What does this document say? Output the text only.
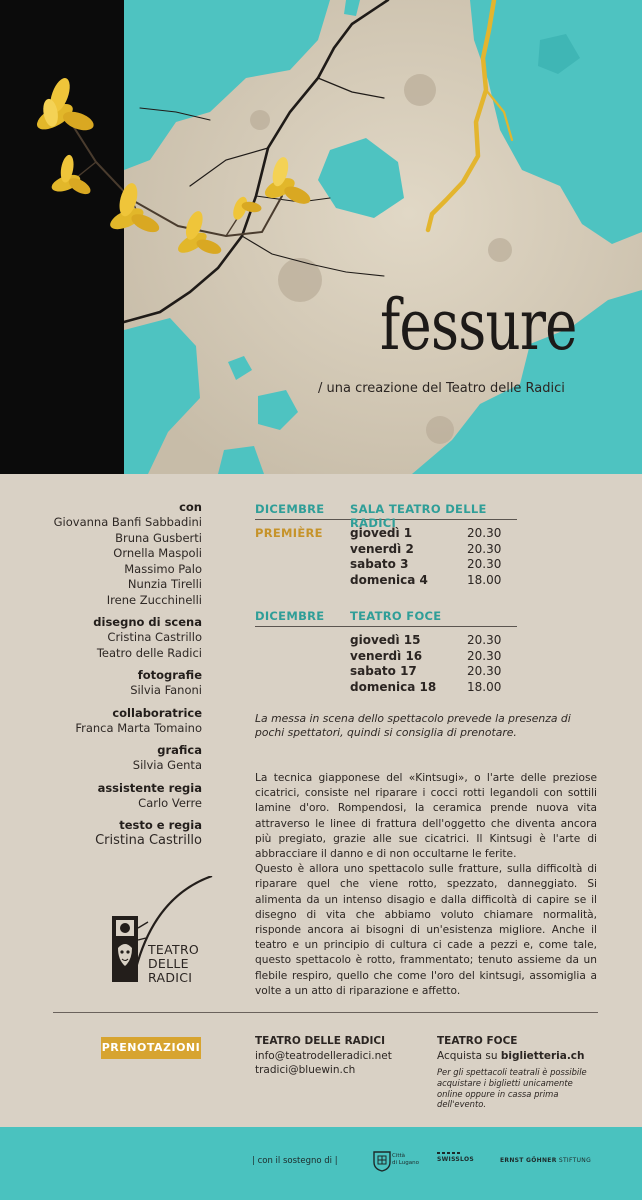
fessure
/ una creazione del Teatro delle Radici
con
Giovanna Banfi Sabbadini
Bruna Gusberti
Ornella Maspoli
Massimo Palo
Nunzia Tirelli
Irene Zucchinelli
disegno di scena
Cristina Castrillo
Teatro delle Radici
fotografie
Silvia Fanoni
collaboratrice
Franca Marta Tomaino
grafica
Silvia Genta
assistente regia
Carlo Verre
testo e regia
Cristina Castrillo
TEATRO
DELLE
RADICI
DICEMBRE SALA TEATRO DELLE RADICI
PREMIÈRE giovedì 1	20.30
venerdì 2	20.30
sabato 3	20.30
domenica 4	18.00
DICEMBRE TEATRO FOCE
giovedì 15	20.30
venerdì 16	20.30
sabato 17	20.30
domenica 18	18.00
La messa in scena dello spettacolo prevede la presenza di pochi spettatori, quindi si consiglia di prenotare.

La tecnica giapponese del «Kintsugi», o l'arte delle preziose cicatrici, consiste nel riparare i cocci rotti legandoli con sottili lamine d'oro. Rompendosi, la ceramica prende nuova vita attraverso le linee di frattura dell'oggetto che diventa ancora più pregiato, grazie alle sue cicatrici. Il Kintsugi è l'arte di abbracciare il danno e di non occultarne le ferite.

Questo è allora uno spettacolo sulle fratture, sulla difficoltà di riparare quel che viene rotto, spezzato, danneggiato. Si alimenta da un intenso disagio e dalla difficoltà di capire se il disegno di vita che abbiamo voluto chiamare normalità, risponde ancora ai bisogni di un'esistenza migliore. Anche il teatro e un principio di cultura ci cade a pezzi e, come tale, questo spettacolo è rotto, frammentato; tenuto assieme da un flebile respiro, quello che come l'oro del kintsugi, assomiglia a volte a un atto di riparazione e affetto.

PRENOTAZIONI	TEATRO DELLE RADICI
info@teatrodelleradici.net
tradici@bluewin.ch
TEATRO FOCE
Acquista su biglietteria.ch
Per gli spettacoli teatrali è possibile acquistare i biglietti unicamente online oppure in cassa prima dell'evento.
| con il sostegno di |	Città
di Lugano	SWISSLOS	ERNST GÖHNER STIFTUNG
